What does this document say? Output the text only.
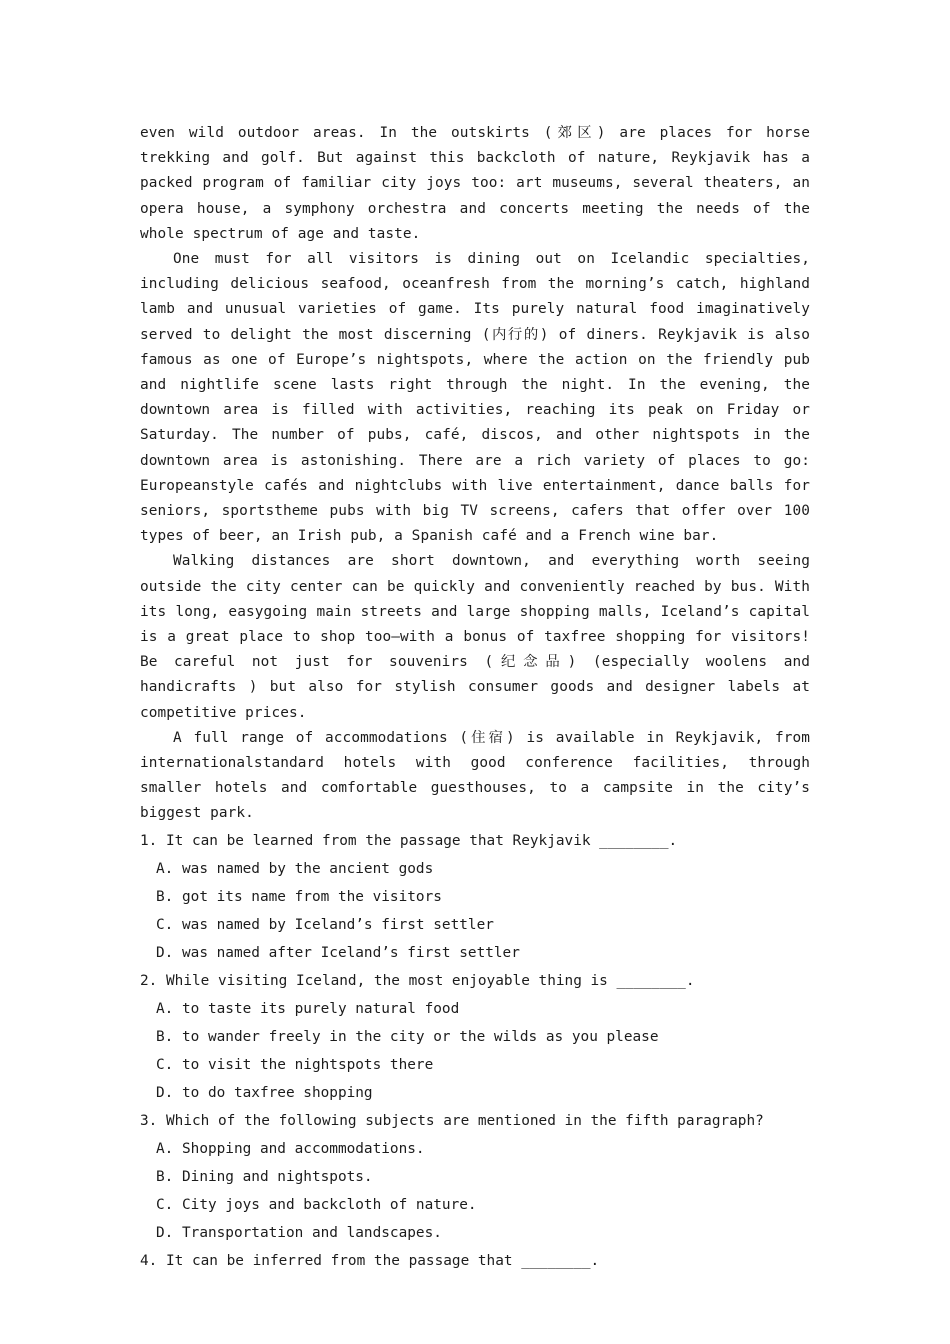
even wild outdoor areas. In the outskirts (郊区) are places for horse trekking and golf. But against this backcloth of nature, Reykjavik has a packed program of familiar city joys too: art museums, several theaters, an opera house, a symphony orchestra and concerts meeting the needs of the whole spectrum of age and taste.

One must for all visitors is dining out on Icelandic specialties, including delicious seafood, oceanfresh from the morning’s catch, highland lamb and unusual varieties of game. Its purely natural food imaginatively served to delight the most discerning (内行的) of diners. Reykjavik is also famous as one of Europe’s nightspots, where the action on the friendly pub and nightlife scene lasts right through the night. In the evening, the downtown area is filled with activities, reaching its peak on Friday or Saturday. The number of pubs, café, discos, and other nightspots in the downtown area is astonishing. There are a rich variety of places to go: Europeanstyle cafés and nightclubs with live entertainment, dance balls for seniors, sportstheme pubs with big TV screens, cafers that offer over 100 types of beer, an Irish pub, a Spanish café and a French wine bar.

Walking distances are short downtown, and everything worth seeing outside the city center can be quickly and conveniently reached by bus. With its long, easygoing main streets and large shopping malls, Iceland’s capital is a great place to shop too—with a bonus of taxfree shopping for visitors! Be careful not just for souvenirs (纪念品) (especially woolens and handicrafts ) but also for stylish consumer goods and designer labels at competitive prices.

A full range of accommodations (住宿) is available in Reykjavik, from internationalstandard hotels with good conference facilities, through smaller hotels and comfortable guesthouses, to a campsite in the city’s biggest park.

1. It can be learned from the passage that Reykjavik ________.

A. was named by the ancient gods

B. got its name from the visitors

C. was named by Iceland’s first settler

D. was named after Iceland’s first settler

2. While visiting Iceland, the most enjoyable thing is ________.

A. to taste its purely natural food

B. to wander freely in the city or the wilds as you please

C. to visit the nightspots there

D. to do taxfree shopping

3. Which of the following subjects are mentioned in the fifth paragraph?

A. Shopping and accommodations.

B. Dining and nightspots.

C. City joys and backcloth of nature.

D. Transportation and landscapes.

4. It can be inferred from the passage that ________.
